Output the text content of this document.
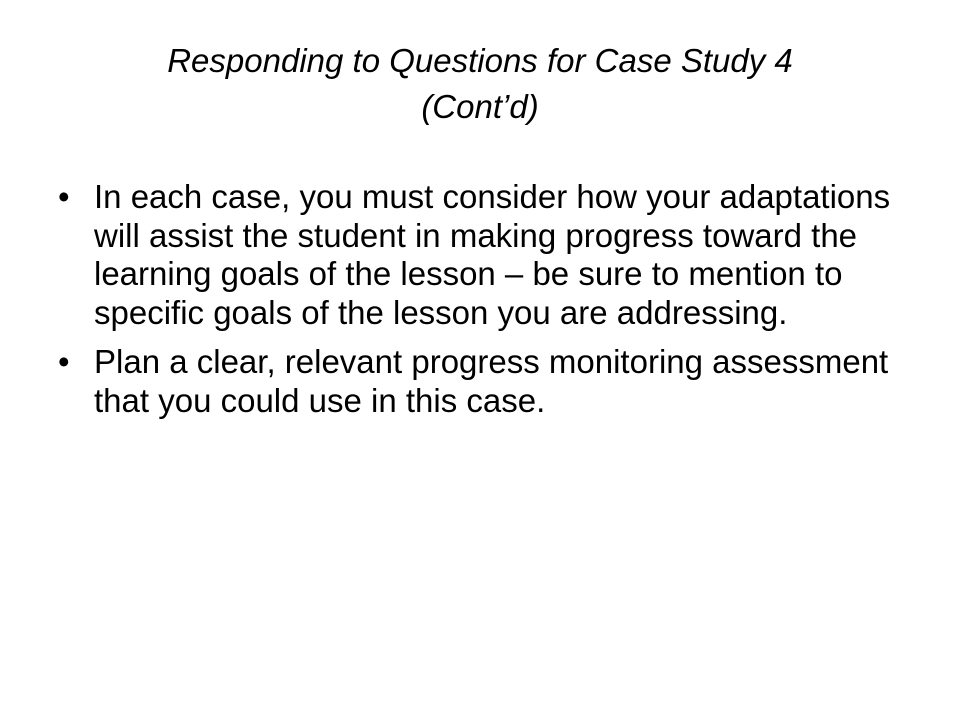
Responding to Questions for Case Study 4
(Cont’d)
• In each case, you must consider how your adaptations will assist the student in making progress toward the learning goals of the lesson – be sure to mention to specific goals of the lesson you are addressing.
• Plan a clear, relevant progress monitoring assessment that you could use in this case.
